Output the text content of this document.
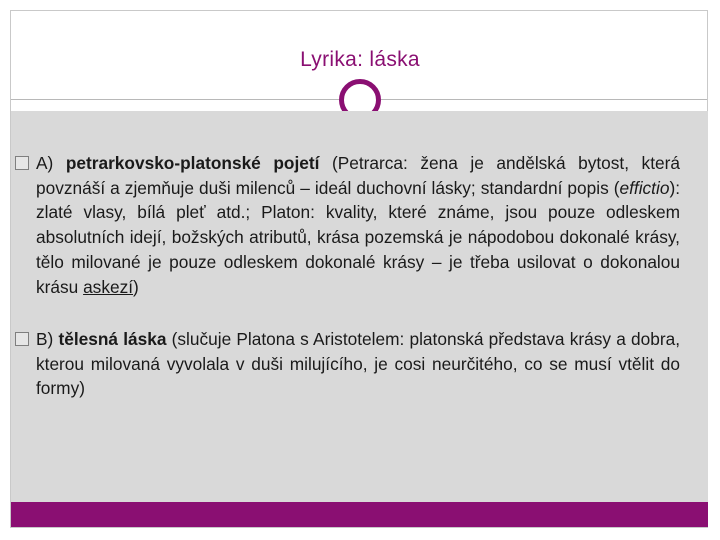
Lyrika: láska
A) petrarkovsko-platonské pojetí (Petrarca: žena je andělská bytost, která povznáší a zjemňuje duši milenců – ideál duchovní lásky; standardní popis (effictio): zlaté vlasy, bílá pleť atd.; Platon: kvality, které známe, jsou pouze odleskem absolutních idejí, božských atributů, krása pozemská je nápodobou dokonalé krásy, tělo milované je pouze odleskem dokonalé krásy – je třeba usilovat o dokonalou krásu askezí)
B) tělesná láska (slučuje Platona s Aristotelem: platonská představa krásy a dobra, kterou milovaná vyvolala v duši milujícího, je cosi neurčitého, co se musí vtělit do formy)
